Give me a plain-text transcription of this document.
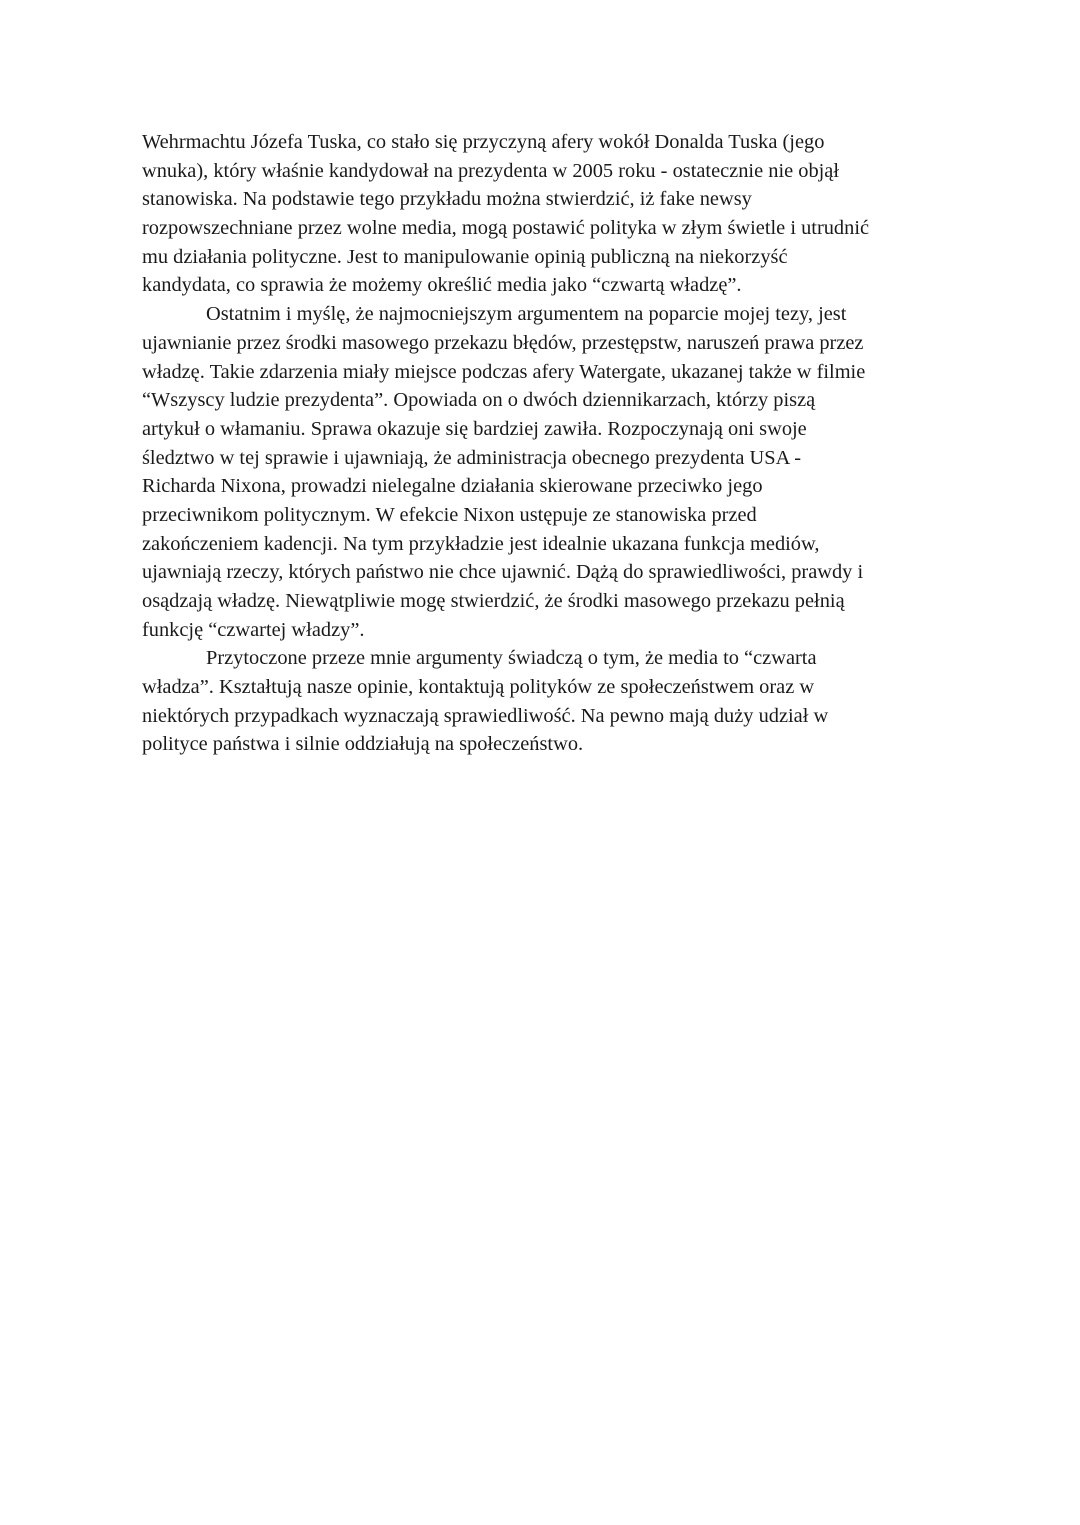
Wehrmachtu Józefa Tuska, co stało się przyczyną afery wokół Donalda Tuska (jego
wnuka), który właśnie kandydował na prezydenta w 2005 roku - ostatecznie nie objął
stanowiska. Na podstawie tego przykładu można stwierdzić, iż fake newsy
rozpowszechniane przez wolne media, mogą postawić polityka w złym świetle i utrudnić
mu działania polityczne. Jest to manipulowanie opinią publiczną na niekorzyść
kandydata, co sprawia że możemy określić media jako “czwartą władzę”.
Ostatnim i myślę, że najmocniejszym argumentem na poparcie mojej tezy, jest
ujawnianie przez środki masowego przekazu błędów, przestępstw, naruszeń prawa przez
władzę. Takie zdarzenia miały miejsce podczas afery Watergate, ukazanej także w filmie
“Wszyscy ludzie prezydenta”. Opowiada on o dwóch dziennikarzach, którzy piszą
artykuł o włamaniu. Sprawa okazuje się bardziej zawiła. Rozpoczynają oni swoje
śledztwo w tej sprawie i ujawniają, że administracja obecnego prezydenta USA -
Richarda Nixona, prowadzi nielegalne działania skierowane przeciwko jego
przeciwnikom politycznym. W efekcie Nixon ustępuje ze stanowiska przed
zakończeniem kadencji. Na tym przykładzie jest idealnie ukazana funkcja mediów,
ujawniają rzeczy, których państwo nie chce ujawnić. Dążą do sprawiedliwości, prawdy i
osądzają władzę. Niewątpliwie mogę stwierdzić, że środki masowego przekazu pełnią
funkcję “czwartej władzy”.
Przytoczone przeze mnie argumenty świadczą o tym, że media to “czwarta
władza”. Kształtują nasze opinie, kontaktują polityków ze społeczeństwem oraz w
niektórych przypadkach wyznaczają sprawiedliwość. Na pewno mają duży udział w
polityce państwa i silnie oddziałują na społeczeństwo.
